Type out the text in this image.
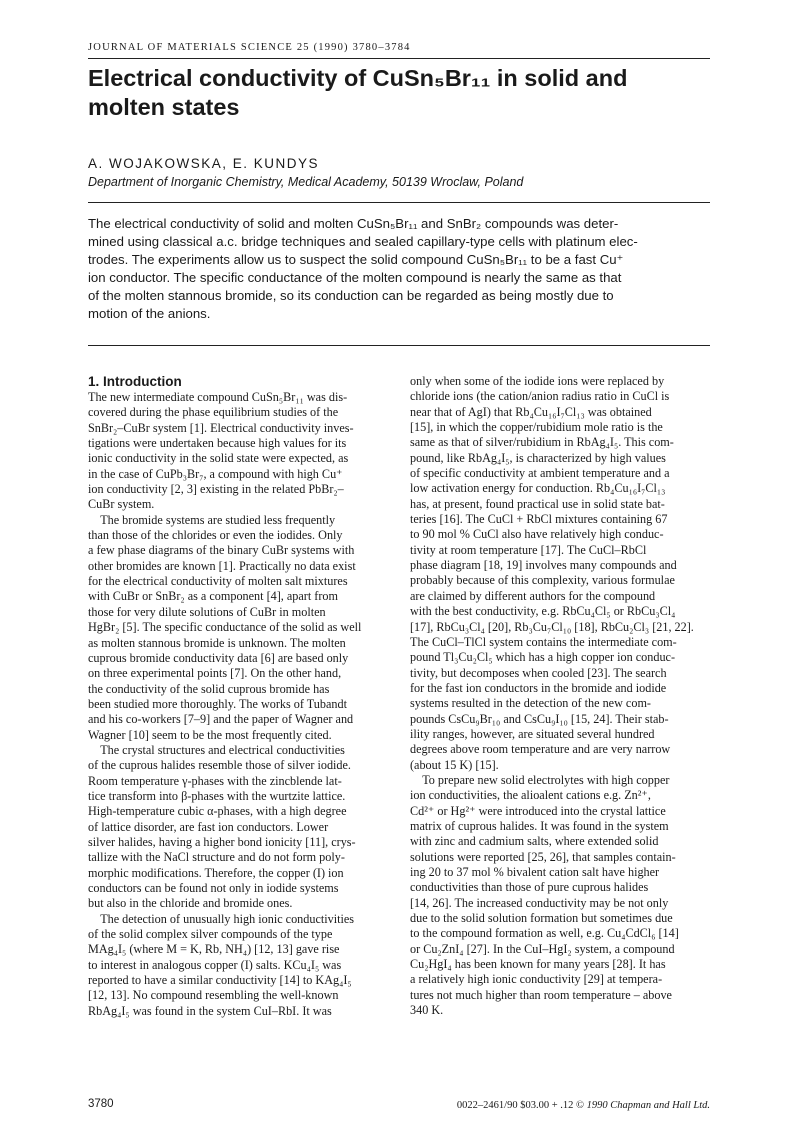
JOURNAL OF MATERIALS SCIENCE 25 (1990) 3780–3784
Electrical conductivity of CuSn₅Br₁₁ in solid and
molten states
A. WOJAKOWSKA, E. KUNDYS
Department of Inorganic Chemistry, Medical Academy, 50139 Wroclaw, Poland

The electrical conductivity of solid and molten CuSn₅Br₁₁ and SnBr₂ compounds was deter-

mined using classical a.c. bridge techniques and sealed capillary-type cells with platinum elec-

trodes. The experiments allow us to suspect the solid compound CuSn₅Br₁₁ to be a fast Cu⁺

ion conductor. The specific conductance of the molten compound is nearly the same as that

of the molten stannous bromide, so its conduction can be regarded as being mostly due to

motion of the anions.

1. Introduction

The new intermediate compound CuSn₅Br₁₁ was dis-

covered during the phase equilibrium studies of the

SnBr₂–CuBr system [1]. Electrical conductivity inves-

tigations were undertaken because high values for its

ionic conductivity in the solid state were expected, as

in the case of CuPb₃Br₇, a compound with high Cu⁺

ion conductivity [2, 3] existing in the related PbBr₂–

CuBr system.

 The bromide systems are studied less frequently

than those of the chlorides or even the iodides. Only

a few phase diagrams of the binary CuBr systems with

other bromides are known [1]. Practically no data exist

for the electrical conductivity of molten salt mixtures

with CuBr or SnBr₂ as a component [4], apart from

those for very dilute solutions of CuBr in molten

HgBr₂ [5]. The specific conductance of the solid as well

as molten stannous bromide is unknown. The molten

cuprous bromide conductivity data [6] are based only

on three experimental points [7]. On the other hand,

the conductivity of the solid cuprous bromide has

been studied more thoroughly. The works of Tubandt

and his co-workers [7–9] and the paper of Wagner and

Wagner [10] seem to be the most frequently cited.

 The crystal structures and electrical conductivities

of the cuprous halides resemble those of silver iodide.

Room temperature γ-phases with the zincblende lat-

tice transform into β-phases with the wurtzite lattice.

High-temperature cubic α-phases, with a high degree

of lattice disorder, are fast ion conductors. Lower

silver halides, having a higher bond ionicity [11], crys-

tallize with the NaCl structure and do not form poly-

morphic modifications. Therefore, the copper (I) ion

conductors can be found not only in iodide systems

but also in the chloride and bromide ones.

 The detection of unusually high ionic conductivities

of the solid complex silver compounds of the type

MAg₄I₅ (where M = K, Rb, NH₄) [12, 13] gave rise

to interest in analogous copper (I) salts. KCu₄I₅ was

reported to have a similar conductivity [14] to KAg₄I₅

[12, 13]. No compound resembling the well-known

RbAg₄I₅ was found in the system CuI–RbI. It was

only when some of the iodide ions were replaced by

chloride ions (the cation/anion radius ratio in CuCl is

near that of AgI) that Rb₄Cu₁₆I₇Cl₁₃ was obtained

[15], in which the copper/rubidium mole ratio is the

same as that of silver/rubidium in RbAg₄I₅. This com-

pound, like RbAg₄I₅, is characterized by high values

of specific conductivity at ambient temperature and a

low activation energy for conduction. Rb₄Cu₁₆I₇Cl₁₃

has, at present, found practical use in solid state bat-

teries [16]. The CuCl + RbCl mixtures containing 67

to 90 mol % CuCl also have relatively high conduc-

tivity at room temperature [17]. The CuCl–RbCl

phase diagram [18, 19] involves many compounds and

probably because of this complexity, various formulae

are claimed by different authors for the compound

with the best conductivity, e.g. RbCu₄Cl₅ or RbCu₃Cl₄

[17], RbCu₃Cl₄ [20], Rb₃Cu₇Cl₁₀ [18], RbCu₂Cl₃ [21, 22].

The CuCl–TlCl system contains the intermediate com-

pound Tl₃Cu₂Cl₅ which has a high copper ion conduc-

tivity, but decomposes when cooled [23]. The search

for the fast ion conductors in the bromide and iodide

systems resulted in the detection of the new com-

pounds CsCu₉Br₁₀ and CsCu₉I₁₀ [15, 24]. Their stab-

ility ranges, however, are situated several hundred

degrees above room temperature and are very narrow

(about 15 K) [15].

 To prepare new solid electrolytes with high copper

ion conductivities, the alioalent cations e.g. Zn²⁺,

Cd²⁺ or Hg²⁺ were introduced into the crystal lattice

matrix of cuprous halides. It was found in the system

with zinc and cadmium salts, where extended solid

solutions were reported [25, 26], that samples contain-

ing 20 to 37 mol % bivalent cation salt have higher

conductivities than those of pure cuprous halides

[14, 26]. The increased conductivity may be not only

due to the solid solution formation but sometimes due

to the compound formation as well, e.g. Cu₄CdCl₆ [14]

or Cu₂ZnI₄ [27]. In the CuI–HgI₂ system, a compound

Cu₂HgI₄ has been known for many years [28]. It has

a relatively high ionic conductivity [29] at tempera-

tures not much higher than room temperature – above

340 K.

3780	0022–2461/90 $03.00 + .12 © 1990 Chapman and Hall Ltd.
